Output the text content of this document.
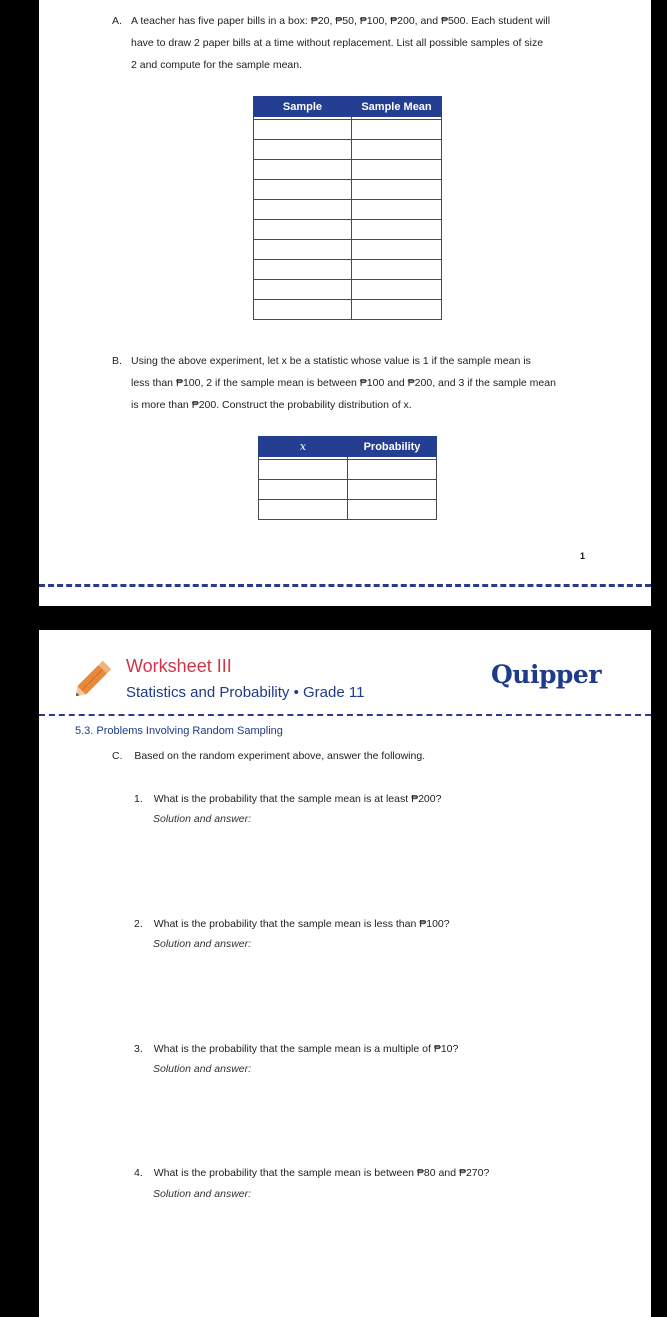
A. A teacher has five paper bills in a box: ₱20, ₱50, ₱100, ₱200, and ₱500. Each student will
have to draw 2 paper bills at a time without replacement. List all possible samples of size
2 and compute for the sample mean.
Sample	Sample Mean

B. Using the above experiment, let x be a statistic whose value is 1 if the sample mean is
less than ₱100, 2 if the sample mean is between ₱100 and ₱200, and 3 if the sample mean
is more than ₱200. Construct the probability distribution of x.
x	Probability

1
Worksheet III
Statistics and Probability • Grade 11
Quipper
5.3. Problems Involving Random Sampling
C. Based on the random experiment above, answer the following.
1. What is the probability that the sample mean is at least ₱200?
Solution and answer:
2. What is the probability that the sample mean is less than ₱100?
Solution and answer:
3. What is the probability that the sample mean is a multiple of ₱10?
Solution and answer:
4. What is the probability that the sample mean is between ₱80 and ₱270?
Solution and answer:
